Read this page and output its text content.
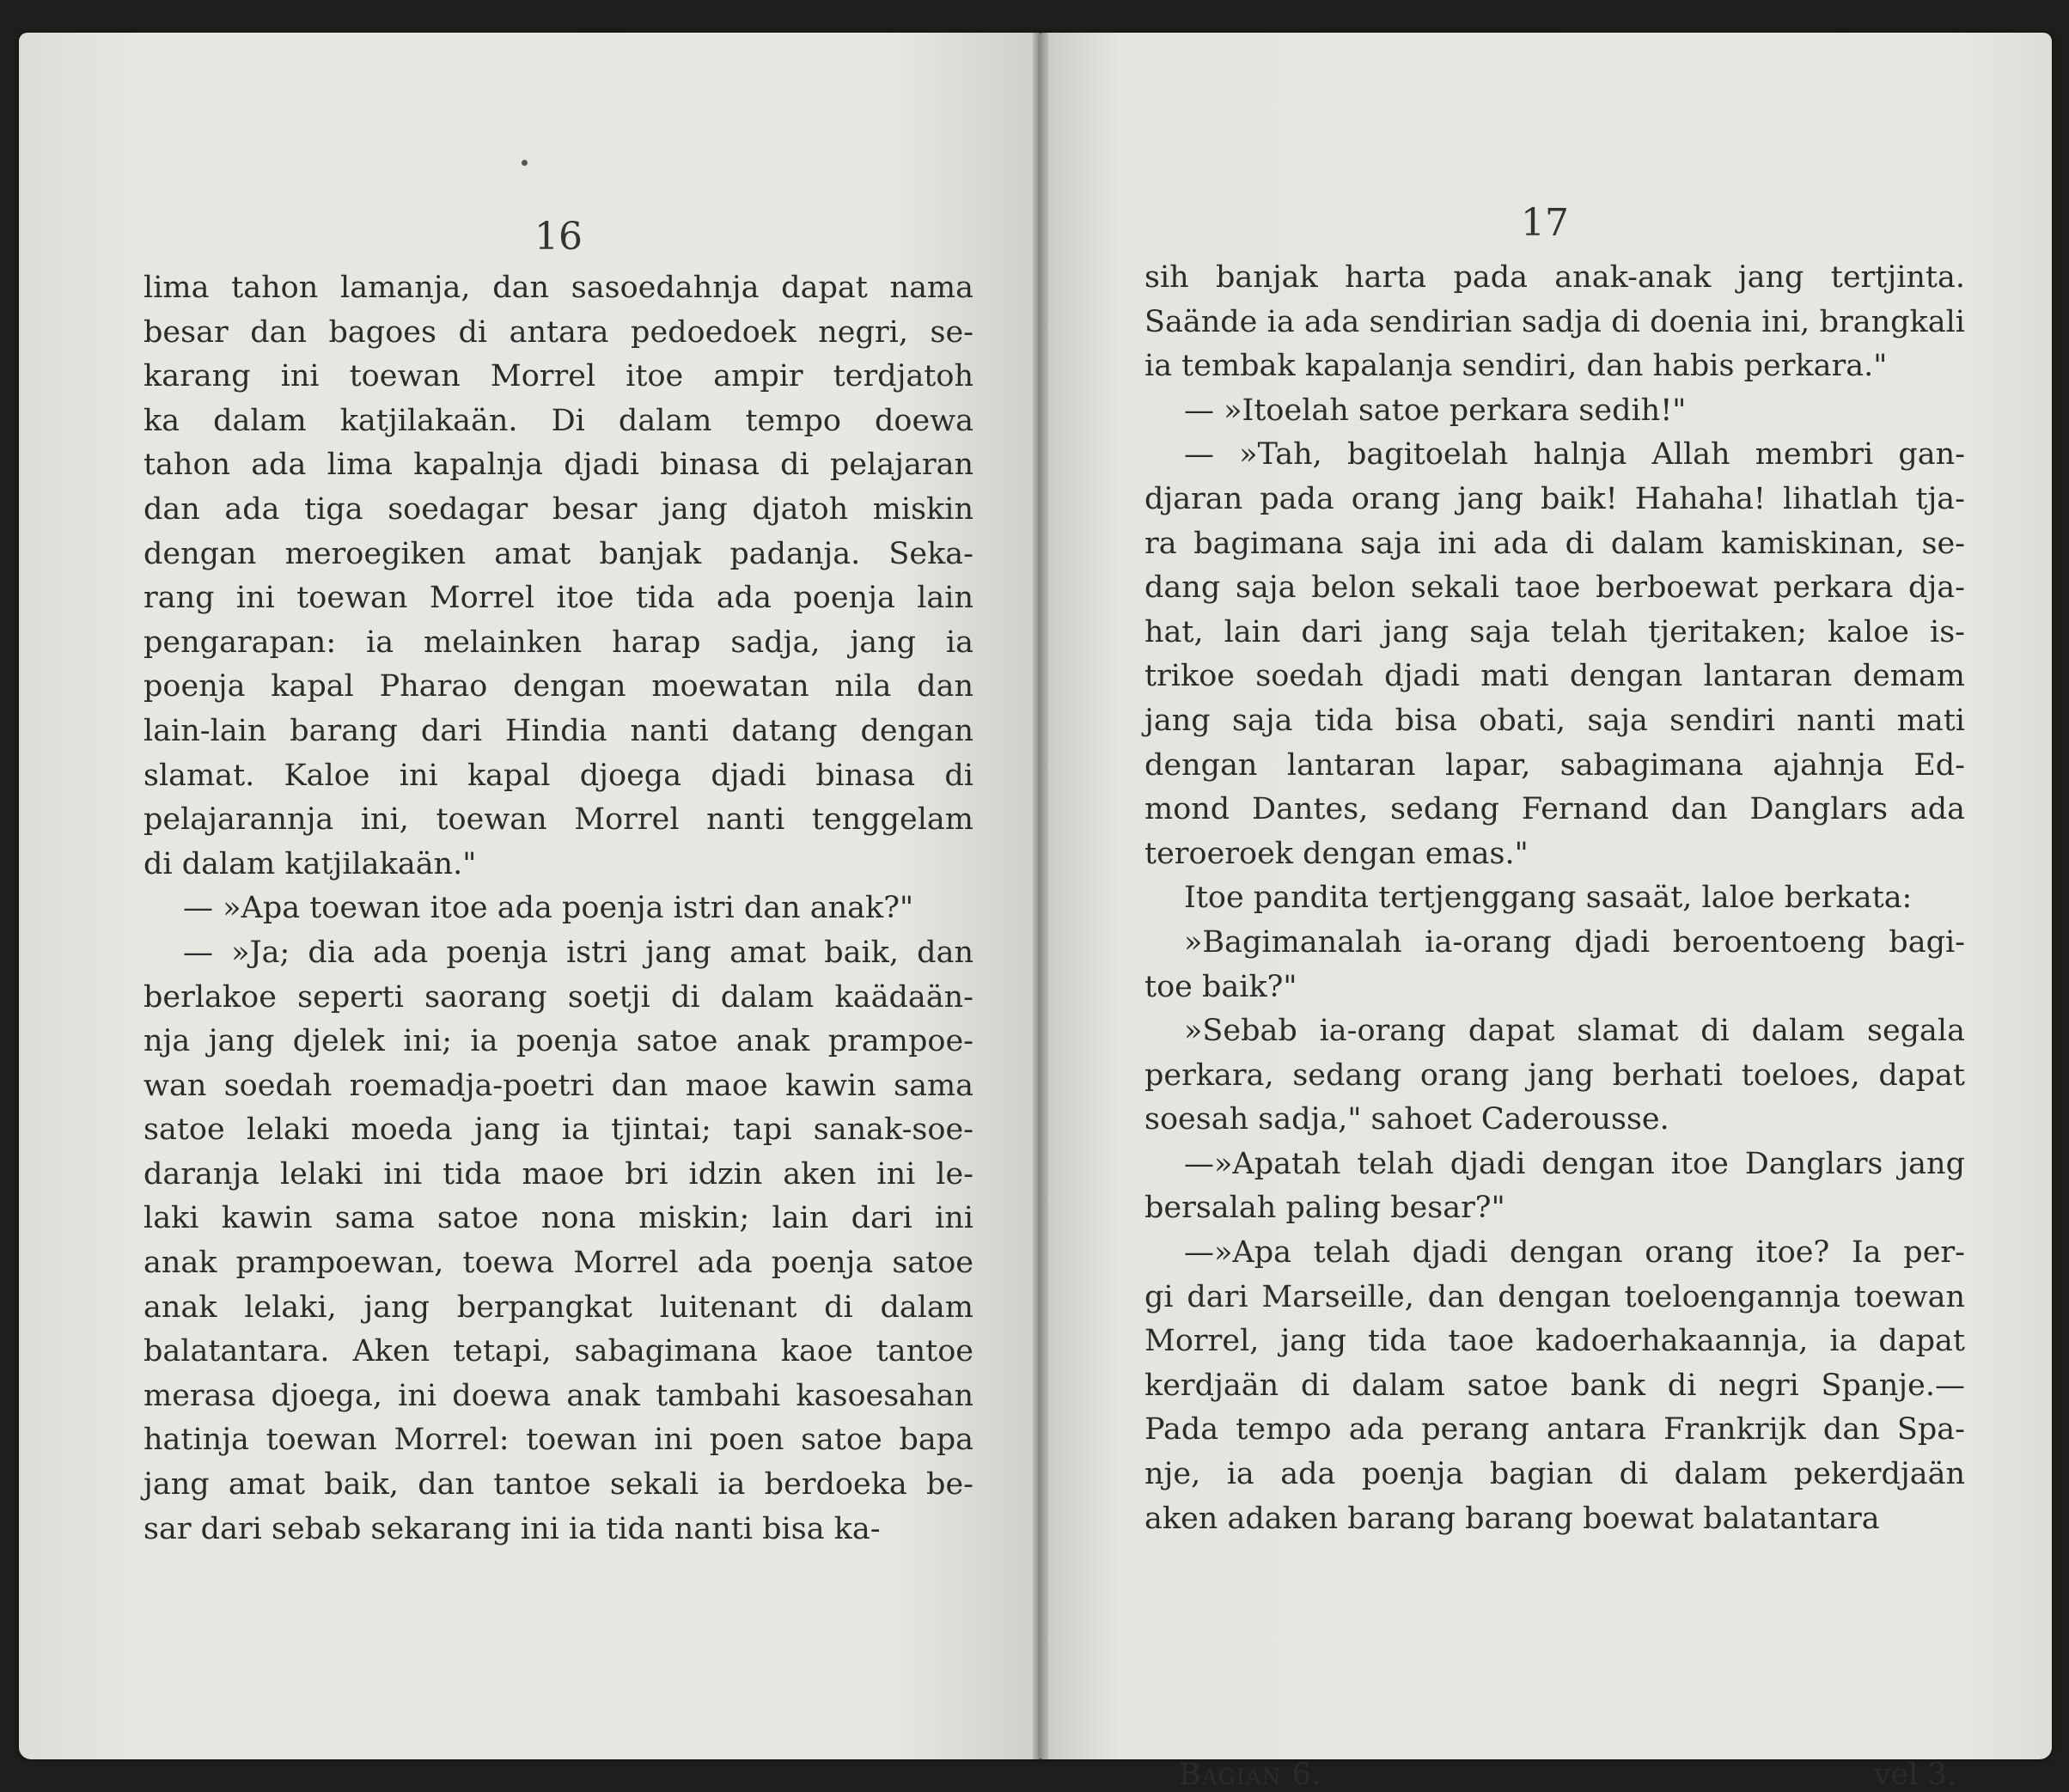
16
lima tahon lamanja, dan sasoedahnja dapat nama
besar dan bagoes di antara pedoedoek negri, se-
karang ini toewan Morrel itoe ampir terdjatoh
ka dalam katjilakaän. Di dalam tempo doewa
tahon ada lima kapalnja djadi binasa di pelajaran
dan ada tiga soedagar besar jang djatoh miskin
dengan meroegiken amat banjak padanja. Seka-
rang ini toewan Morrel itoe tida ada poenja lain
pengarapan: ia melainken harap sadja, jang ia
poenja kapal Pharao dengan moewatan nila dan
lain-lain barang dari Hindia nanti datang dengan
slamat. Kaloe ini kapal djoega djadi binasa di
pelajarannja ini, toewan Morrel nanti tenggelam
di dalam katjilakaän."
— »Apa toewan itoe ada poenja istri dan anak?"
— »Ja; dia ada poenja istri jang amat baik, dan
berlakoe seperti saorang soetji di dalam kaädaän-
nja jang djelek ini; ia poenja satoe anak prampoe-
wan soedah roemadja-poetri dan maoe kawin sama
satoe lelaki moeda jang ia tjintai; tapi sanak-soe-
daranja lelaki ini tida maoe bri idzin aken ini le-
laki kawin sama satoe nona miskin; lain dari ini
anak prampoewan, toewa Morrel ada poenja satoe
anak lelaki, jang berpangkat luitenant di dalam
balatantara. Aken tetapi, sabagimana kaoe tantoe
merasa djoega, ini doewa anak tambahi kasoesahan
hatinja toewan Morrel: toewan ini poen satoe bapa
jang amat baik, dan tantoe sekali ia berdoeka be-
sar dari sebab sekarang ini ia tida nanti bisa ka-
17
sih banjak harta pada anak-anak jang tertjinta.
Saände ia ada sendirian sadja di doenia ini, brangkali
ia tembak kapalanja sendiri, dan habis perkara."
— »Itoelah satoe perkara sedih!"
— »Tah, bagitoelah halnja Allah membri gan-
djaran pada orang jang baik! Hahaha! lihatlah tja-
ra bagimana saja ini ada di dalam kamiskinan, se-
dang saja belon sekali taoe berboewat perkara dja-
hat, lain dari jang saja telah tjeritaken; kaloe is-
trikoe soedah djadi mati dengan lantaran demam
jang saja tida bisa obati, saja sendiri nanti mati
dengan lantaran lapar, sabagimana ajahnja Ed-
mond Dantes, sedang Fernand dan Danglars ada
teroeroek dengan emas."
Itoe pandita tertjenggang sasaät, laloe berkata:
»Bagimanalah ia-orang djadi beroentoeng bagi-
toe baik?"
»Sebab ia-orang dapat slamat di dalam segala
perkara, sedang orang jang berhati toeloes, dapat
soesah sadja," sahoet Caderousse.
—»Apatah telah djadi dengan itoe Danglars jang
bersalah paling besar?"
—»Apa telah djadi dengan orang itoe? Ia per-
gi dari Marseille, dan dengan toeloengannja toewan
Morrel, jang tida taoe kadoerhakaannja, ia dapat
kerdjaän di dalam satoe bank di negri Spanje.—
Pada tempo ada perang antara Frankrijk dan Spa-
nje, ia ada poenja bagian di dalam pekerdjaän
aken adaken barang barang boewat balatantara
Bagian 6.	vel 3.
